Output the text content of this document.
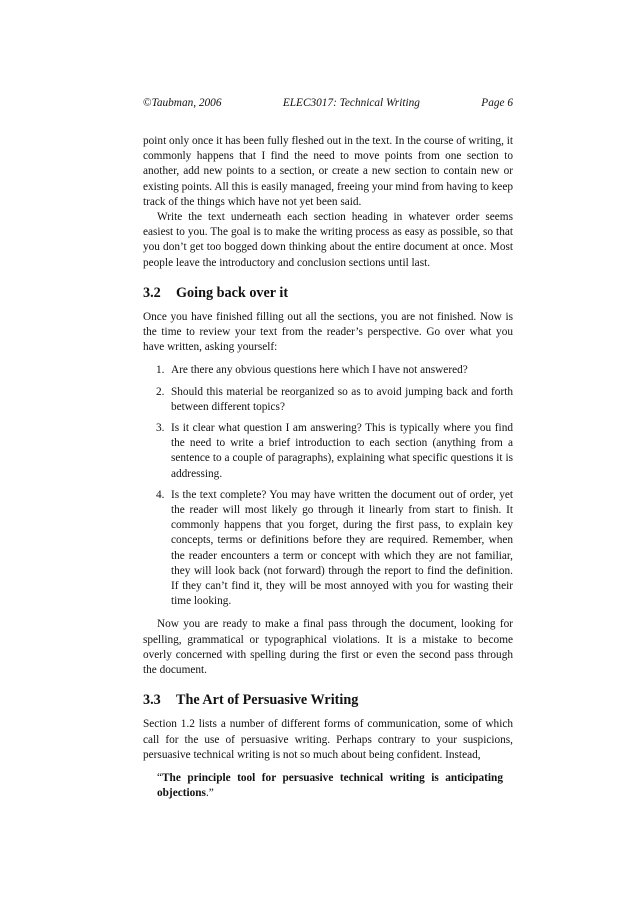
©Taubman, 2006	ELEC3017: Technical Writing	Page 6

point only once it has been fully fleshed out in the text. In the course of writing, it commonly happens that I find the need to move points from one section to another, add new points to a section, or create a new section to contain new or existing points. All this is easily managed, freeing your mind from having to keep track of the things which have not yet been said.

Write the text underneath each section heading in whatever order seems easiest to you. The goal is to make the writing process as easy as possible, so that you don’t get too bogged down thinking about the entire document at once. Most people leave the introductory and conclusion sections until last.

3.2	Going back over it

Once you have finished filling out all the sections, you are not finished. Now is the time to review your text from the reader’s perspective. Go over what you have written, asking yourself:

1. Are there any obvious questions here which I have not answered?
2. Should this material be reorganized so as to avoid jumping back and forth between different topics?
3. Is it clear what question I am answering? This is typically where you find the need to write a brief introduction to each section (anything from a sentence to a couple of paragraphs), explaining what specific questions it is addressing.
4. Is the text complete? You may have written the document out of order, yet the reader will most likely go through it linearly from start to finish. It commonly happens that you forget, during the first pass, to explain key concepts, terms or definitions before they are required. Remember, when the reader encounters a term or concept with which they are not familiar, they will look back (not forward) through the report to find the definition. If they can’t find it, they will be most annoyed with you for wasting their time looking.

Now you are ready to make a final pass through the document, looking for spelling, grammatical or typographical violations. It is a mistake to become overly concerned with spelling during the first or even the second pass through the document.

3.3	The Art of Persuasive Writing

Section 1.2 lists a number of different forms of communication, some of which call for the use of persuasive writing. Perhaps contrary to your suspicions, persuasive technical writing is not so much about being confident. Instead,

“The principle tool for persuasive technical writing is anticipating objections.”
